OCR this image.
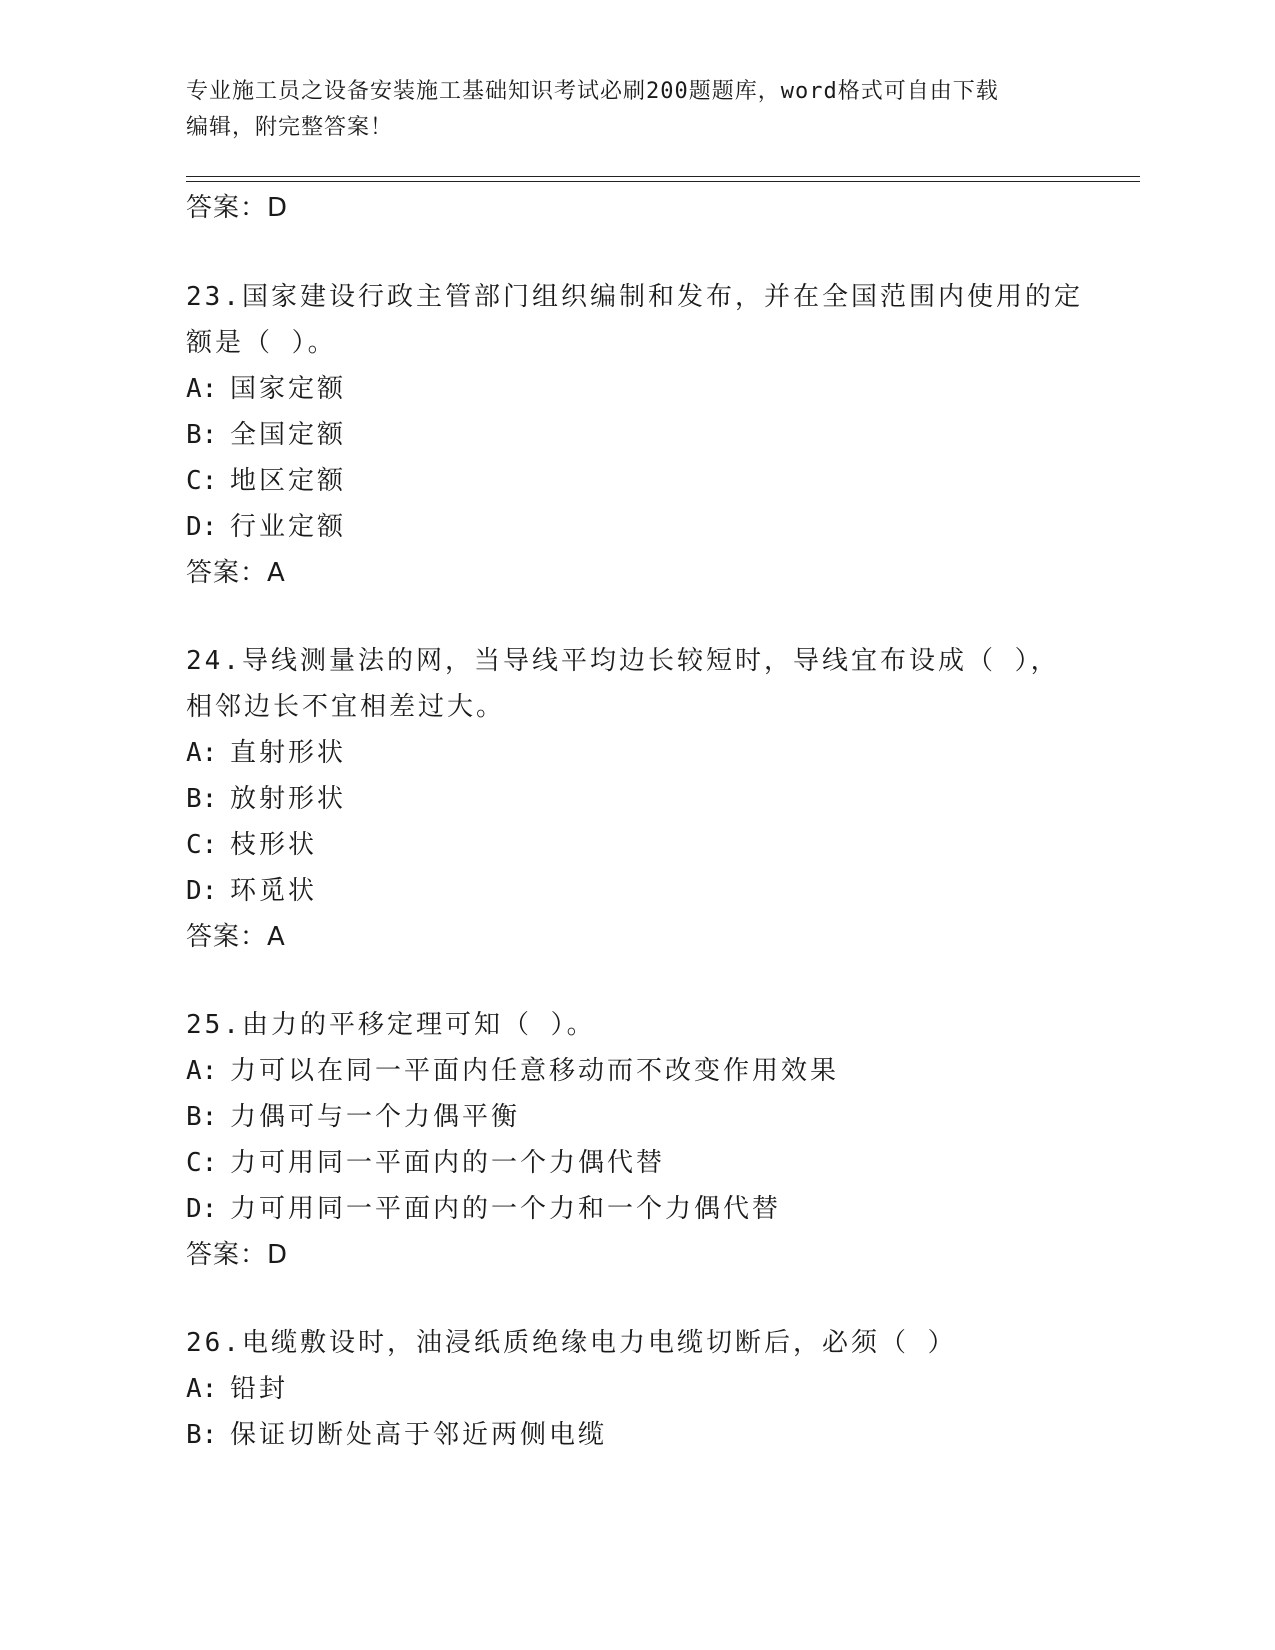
专业施工员之设备安装施工基础知识考试必刷200题题库，word格式可自由下载
编辑，附完整答案！
答案：D

23.国家建设行政主管部门组织编制和发布，并在全国范围内使用的定

额是（ ）。

A: 国家定额

B: 全国定额

C: 地区定额

D: 行业定额

答案：A

24.导线测量法的网，当导线平均边长较短时，导线宜布设成（ ），

相邻边长不宜相差过大。

A: 直射形状

B: 放射形状

C: 枝形状

D: 环觅状

答案：A

25.由力的平移定理可知（ ）。

A: 力可以在同一平面内任意移动而不改变作用效果

B: 力偶可与一个力偶平衡

C: 力可用同一平面内的一个力偶代替

D: 力可用同一平面内的一个力和一个力偶代替

答案：D

26.电缆敷设时，油浸纸质绝缘电力电缆切断后，必须（ ）

A: 铅封

B: 保证切断处高于邻近两侧电缆
